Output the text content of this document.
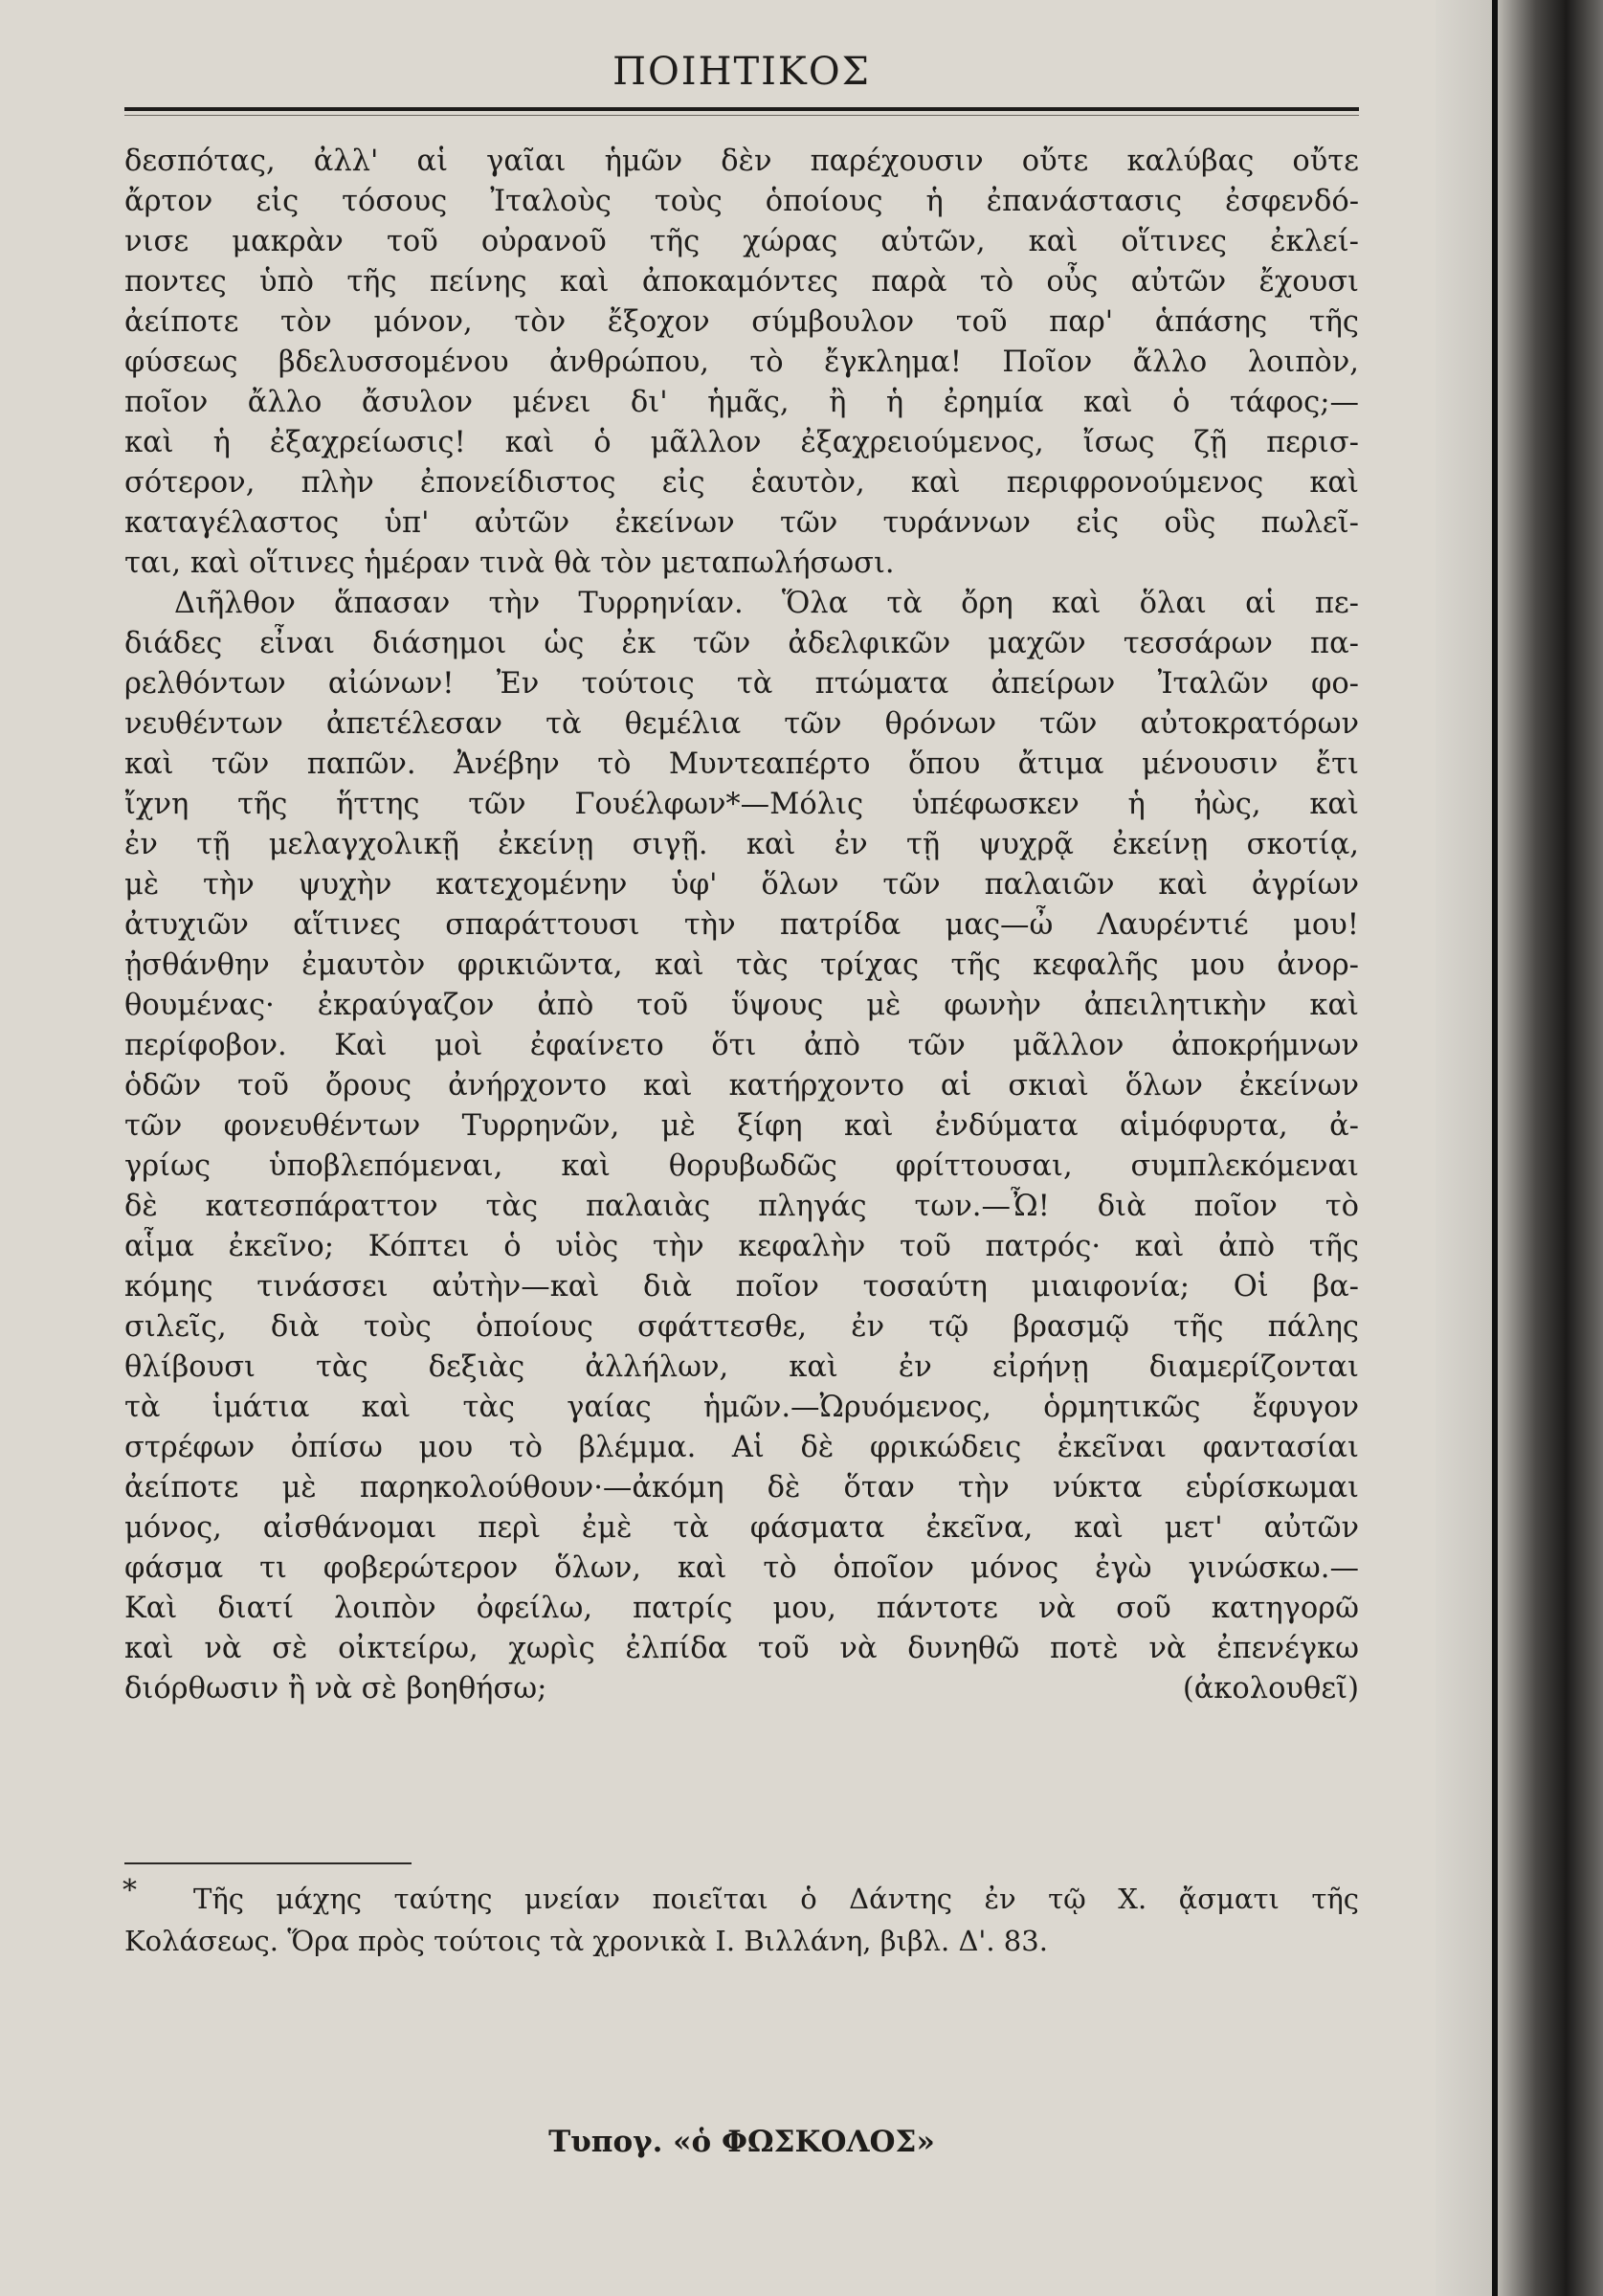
ΠΟΙΗΤΙΚΟΣ
δεσπότας, ἀλλ' αἱ γαῖαι ἡμῶν δὲν παρέχουσιν οὔτε καλύβας οὔτε
ἄρτον εἰς τόσους Ἰταλοὺς τοὺς ὁποίους ἡ ἐπανάστασις ἐσφενδό-
νισε μακρὰν τοῦ οὐρανοῦ τῆς χώρας αὐτῶν, καὶ οἵτινες ἐκλεί-
ποντες ὑπὸ τῆς πείνης καὶ ἀποκαμόντες παρὰ τὸ οὖς αὐτῶν ἔχουσι
ἀείποτε τὸν μόνον, τὸν ἔξοχον σύμβουλον τοῦ παρ' ἁπάσης τῆς
φύσεως βδελυσσομένου ἀνθρώπου, τὸ ἔγκλημα! Ποῖον ἄλλο λοιπὸν,
ποῖον ἄλλο ἄσυλον μένει δι' ἡμᾶς, ἢ ἡ ἐρημία καὶ ὁ τάφος;—
καὶ ἡ ἐξαχρείωσις! καὶ ὁ μᾶλλον ἐξαχρειούμενος, ἴσως ζῇ περισ-
σότερον, πλὴν ἐπονείδιστος εἰς ἑαυτὸν, καὶ περιφρονούμενος καὶ
καταγέλαστος ὑπ' αὐτῶν ἐκείνων τῶν τυράννων εἰς οὓς πωλεῖ-
ται, καὶ οἵτινες ἡμέραν τινὰ θὰ τὸν μεταπωλήσωσι.
Διῆλθον ἅπασαν τὴν Τυρρηνίαν. Ὅλα τὰ ὄρη καὶ ὅλαι αἱ πε-
διάδες εἶναι διάσημοι ὡς ἐκ τῶν ἀδελφικῶν μαχῶν τεσσάρων πα-
ρελθόντων αἰώνων! Ἐν τούτοις τὰ πτώματα ἀπείρων Ἰταλῶν φο-
νευθέντων ἀπετέλεσαν τὰ θεμέλια τῶν θρόνων τῶν αὐτοκρατόρων
καὶ τῶν παπῶν. Ἀνέβην τὸ Μυντεαπέρτο ὅπου ἄτιμα μένουσιν ἔτι
ἴχνη τῆς ἥττης τῶν Γουέλφων*—Μόλις ὑπέφωσκεν ἡ ἠὼς, καὶ
ἐν τῇ μελαγχολικῇ ἐκείνῃ σιγῇ. καὶ ἐν τῇ ψυχρᾷ ἐκείνῃ σκοτίᾳ,
μὲ τὴν ψυχὴν κατεχομένην ὑφ' ὅλων τῶν παλαιῶν καὶ ἀγρίων
ἀτυχιῶν αἵτινες σπαράττουσι τὴν πατρίδα μας—ὦ Λαυρέντιέ μου!
ᾐσθάνθην ἐμαυτὸν φρικιῶντα, καὶ τὰς τρίχας τῆς κεφαλῆς μου ἀνορ-
θουμένας· ἐκραύγαζον ἀπὸ τοῦ ὕψους μὲ φωνὴν ἀπειλητικὴν καὶ
περίφοβον. Καὶ μοὶ ἐφαίνετο ὅτι ἀπὸ τῶν μᾶλλον ἀποκρήμνων
ὁδῶν τοῦ ὄρους ἀνήρχοντο καὶ κατήρχοντο αἱ σκιαὶ ὅλων ἐκείνων
τῶν φονευθέντων Τυρρηνῶν, μὲ ξίφη καὶ ἐνδύματα αἱμόφυρτα, ἀ-
γρίως ὑποβλεπόμεναι, καὶ θορυβωδῶς φρίττουσαι, συμπλεκόμεναι
δὲ κατεσπάραττον τὰς παλαιὰς πληγάς των.—Ὦ! διὰ ποῖον τὸ
αἷμα ἐκεῖνο; Κόπτει ὁ υἱὸς τὴν κεφαλὴν τοῦ πατρός· καὶ ἀπὸ τῆς
κόμης τινάσσει αὐτὴν—καὶ διὰ ποῖον τοσαύτη μιαιφονία; Οἱ βα-
σιλεῖς, διὰ τοὺς ὁποίους σφάττεσθε, ἐν τῷ βρασμῷ τῆς πάλης
θλίβουσι τὰς δεξιὰς ἀλλήλων, καὶ ἐν εἰρήνῃ διαμερίζονται
τὰ ἱμάτια καὶ τὰς γαίας ἡμῶν.—Ὠρυόμενος, ὁρμητικῶς ἔφυγον
στρέφων ὀπίσω μου τὸ βλέμμα. Αἱ δὲ φρικώδεις ἐκεῖναι φαντασίαι
ἀείποτε μὲ παρηκολούθουν·—ἀκόμη δὲ ὅταν τὴν νύκτα εὑρίσκωμαι
μόνος, αἰσθάνομαι περὶ ἐμὲ τὰ φάσματα ἐκεῖνα, καὶ μετ' αὐτῶν
φάσμα τι φοβερώτερον ὅλων, καὶ τὸ ὁποῖον μόνος ἐγὼ γινώσκω.—
Καὶ διατί λοιπὸν ὀφείλω, πατρίς μου, πάντοτε νὰ σοῦ κατηγορῶ
καὶ νὰ σὲ οἰκτείρω, χωρὶς ἐλπίδα τοῦ νὰ δυνηθῶ ποτὲ νὰ ἐπενέγκω
διόρθωσιν ἢ νὰ σὲ βοηθήσω;	(ἀκολουθεῖ)
*	Τῆς μάχης ταύτης μνείαν ποιεῖται ὁ Δάντης ἐν τῷ Χ. ᾄσματι τῆς
Κολάσεως. Ὅρα πρὸς τούτοις τὰ χρονικὰ Ι. Βιλλάνη, βιβλ. Δ'. 83.
Τυπογ. «ὁ ΦΩΣΚΟΛΟΣ»
